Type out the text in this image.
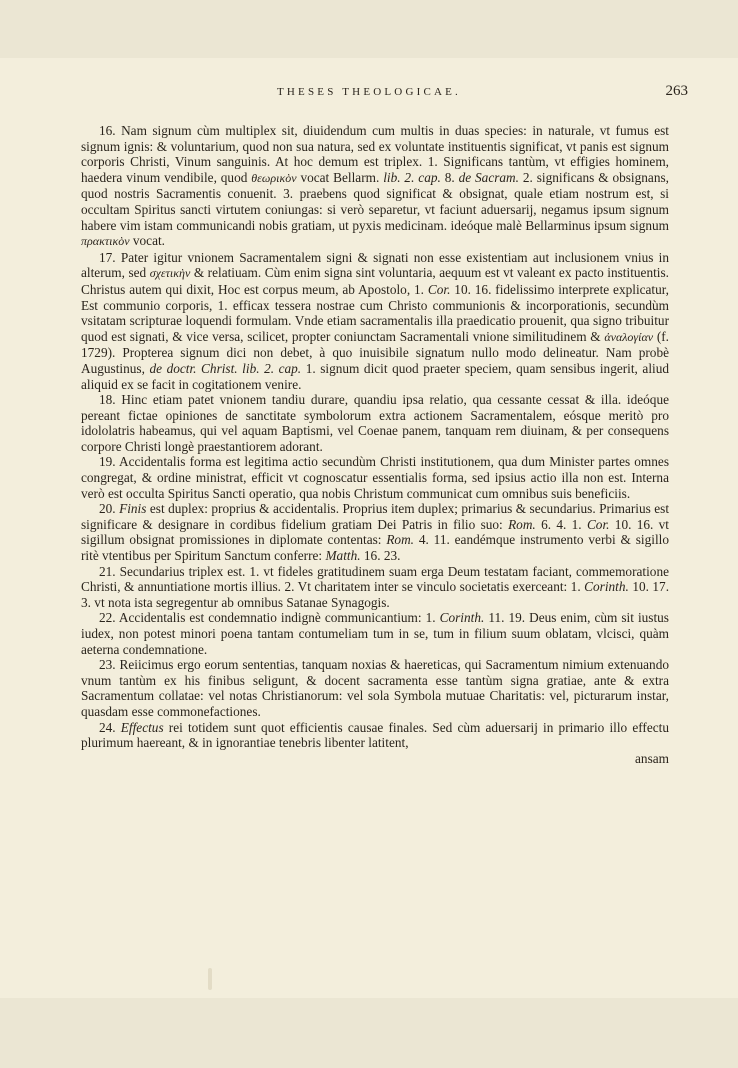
THESES THEOLOGICAE.	263

16. Nam signum cùm multiplex sit, diuidendum cum multis in duas species: in naturale, vt fumus est signum ignis: & voluntarium, quod non sua natura, sed ex voluntate instituentis significat, vt panis est signum corporis Christi, Vinum sanguinis. At hoc demum est triplex. 1. Significans tantùm, vt effigies hominem, haedera vinum vendibile, quod θεωρικὸν vocat Bellarm. lib. 2. cap. 8. de Sacram. 2. significans & obsignans, quod nostris Sacramentis conuenit. 3. praebens quod significat & obsignat, quale etiam nostrum est, si occultam Spiritus sancti virtutem coniungas: si verò separetur, vt faciunt aduersarij, negamus ipsum signum habere vim istam communicandi nobis gratiam, ut pyxis medicinam. ideóque malè Bellarminus ipsum signum πρακτικὸν vocat.

17. Pater igitur vnionem Sacramentalem signi & signati non esse existentiam aut inclusionem vnius in alterum, sed σχετικὴν & relatiuam. Cùm enim signa sint voluntaria, aequum est vt valeant ex pacto instituentis. Christus autem qui dixit, Hoc est corpus meum, ab Apostolo, 1. Cor. 10. 16. fidelissimo interprete explicatur, Est communio corporis, 1. efficax tessera nostrae cum Christo communionis & incorporationis, secundùm vsitatam scripturae loquendi formulam. Vnde etiam sacramentalis illa praedicatio prouenit, qua signo tribuitur quod est signati, & vice versa, scilicet, propter coniunctam Sacramentali vnione similitudinem & ἀναλογίαν (f. 1729). Propterea signum dici non debet, à quo inuisibile signatum nullo modo delineatur. Nam probè Augustinus, de doctr. Christ. lib. 2. cap. 1. signum dicit quod praeter speciem, quam sensibus ingerit, aliud aliquid ex se facit in cogitationem venire.

18. Hinc etiam patet vnionem tandiu durare, quandiu ipsa relatio, qua cessante cessat & illa. ideóque pereant fictae opiniones de sanctitate symbolorum extra actionem Sacramentalem, eósque meritò pro idololatris habeamus, qui vel aquam Baptismi, vel Coenae panem, tanquam rem diuinam, & per consequens corpore Christi longè praestantiorem adorant.

19. Accidentalis forma est legitima actio secundùm Christi institutionem, qua dum Minister partes omnes congregat, & ordine ministrat, efficit vt cognoscatur essentialis forma, sed ipsius actio illa non est. Interna verò est occulta Spiritus Sancti operatio, qua nobis Christum communicat cum omnibus suis beneficiis.

20. Finis est duplex: proprius & accidentalis. Proprius item duplex; primarius & secundarius. Primarius est significare & designare in cordibus fidelium gratiam Dei Patris in filio suo: Rom. 6. 4. 1. Cor. 10. 16. vt sigillum obsignat promissiones in diplomate contentas: Rom. 4. 11. eandémque instrumento verbi & sigillo ritè vtentibus per Spiritum Sanctum conferre: Matth. 16. 23.

21. Secundarius triplex est. 1. vt fideles gratitudinem suam erga Deum testatam faciant, commemoratione Christi, & annuntiatione mortis illius. 2. Vt charitatem inter se vinculo societatis exerceant: 1. Corinth. 10. 17. 3. vt nota ista segregentur ab omnibus Satanae Synagogis.

22. Accidentalis est condemnatio indignè communicantium: 1. Corinth. 11. 19. Deus enim, cùm sit iustus iudex, non potest minori poena tantam contumeliam tum in se, tum in filium suum oblatam, vlcisci, quàm aeterna condemnatione.

23. Reiicimus ergo eorum sententias, tanquam noxias & haereticas, qui Sacramentum nimium extenuando vnum tantùm ex his finibus seligunt, & docent sacramenta esse tantùm signa gratiae, ante & extra Sacramentum collatae: vel notas Christianorum: vel sola Symbola mutuae Charitatis: vel, picturarum instar, quasdam esse commonefactiones.

24. Effectus rei totidem sunt quot efficientis causae finales. Sed cùm aduersarij in primario illo effectu plurimum haereant, & in ignorantiae tenebris libenter latitent,

ansam
